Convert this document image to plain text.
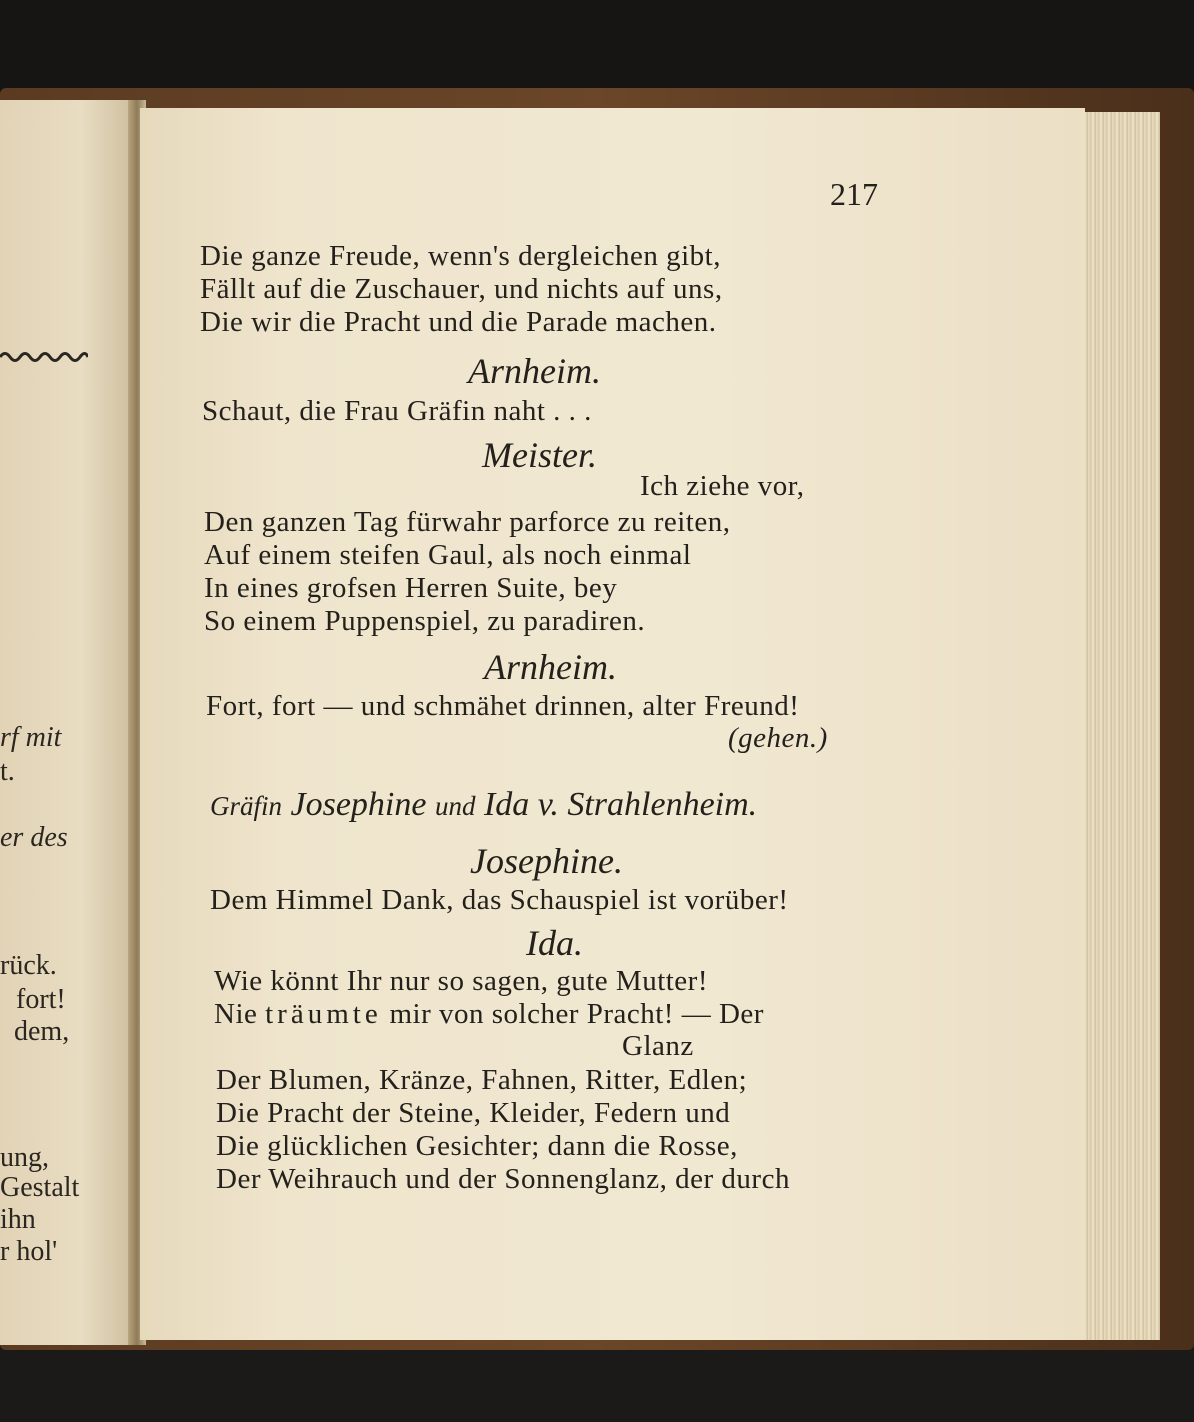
rf mit
t.
er des
rück.
fort!
dem,
ung,
Gestalt
ihn
r hol'
217
Die ganze Freude, wenn's dergleichen gibt,
Fällt auf die Zuschauer, und nichts auf uns,
Die wir die Pracht und die Parade machen.
Arnheim.
Schaut, die Frau Gräfin naht . . .
Meister.
Ich ziehe vor,
Den ganzen Tag fürwahr parforce zu reiten,
Auf einem steifen Gaul, als noch einmal
In eines grofsen Herren Suite, bey
So einem Puppenspiel, zu paradiren.
Arnheim.
Fort, fort — und schmähet drinnen, alter Freund!
(gehen.)
Gräfin Josephine und Ida v. Strahlenheim.
Josephine.
Dem Himmel Dank, das Schauspiel ist vorüber!
Ida.
Wie könnt Ihr nur so sagen, gute Mutter!
Nie träumte mir von solcher Pracht! — Der
Glanz
Der Blumen, Kränze, Fahnen, Ritter, Edlen;
Die Pracht der Steine, Kleider, Federn und
Die glücklichen Gesichter; dann die Rosse,
Der Weihrauch und der Sonnenglanz, der durch
